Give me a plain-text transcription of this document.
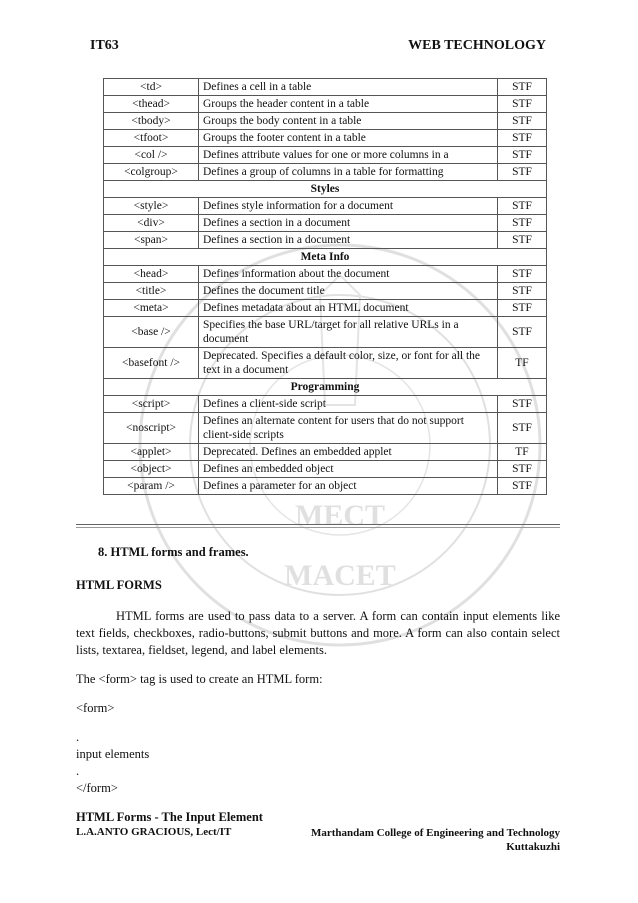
MECT
MACET
IT63	WEB TECHNOLOGY
<td>	Defines a cell in a table	STF
<thead>	Groups the header content in a table	STF
<tbody>	Groups the body content in a table	STF
<tfoot>	Groups the footer content in a table	STF
<col />	Defines attribute values for one or more columns in a	STF
<colgroup>	Defines a group of columns in a table for formatting	STF
Styles		
<style>	Defines style information for a document	STF
<div>	Defines a section in a document	STF
<span>	Defines a section in a document	STF
Meta Info		
<head>	Defines information about the document	STF
<title>	Defines the document title	STF
<meta>	Defines metadata about an HTML document	STF
<base />	Specifies the base URL/target for all relative URLs in a document	STF
<basefont />	Deprecated. Specifies a default color, size, or font for all the text in a document	TF
Programming		
<script>	Defines a client-side script	STF
<noscript>	Defines an alternate content for users that do not support client-side scripts	STF
<applet>	Deprecated. Defines an embedded applet	TF
<object>	Defines an embedded object	STF
<param />	Defines a parameter for an object	STF
8. HTML forms and frames.
HTML FORMS

HTML forms are used to pass data to a server. A form can contain input elements like text fields, checkboxes, radio-buttons, submit buttons and more. A form can also contain select lists, textarea, fieldset, legend, and label elements.

The <form> tag is used to create an HTML form:

<form>

.

input elements

.

</form>

HTML Forms - The Input Element
L.A.ANTO GRACIOUS, Lect/IT	Marthandam College of Engineering and Technology
Kuttakuzhi
